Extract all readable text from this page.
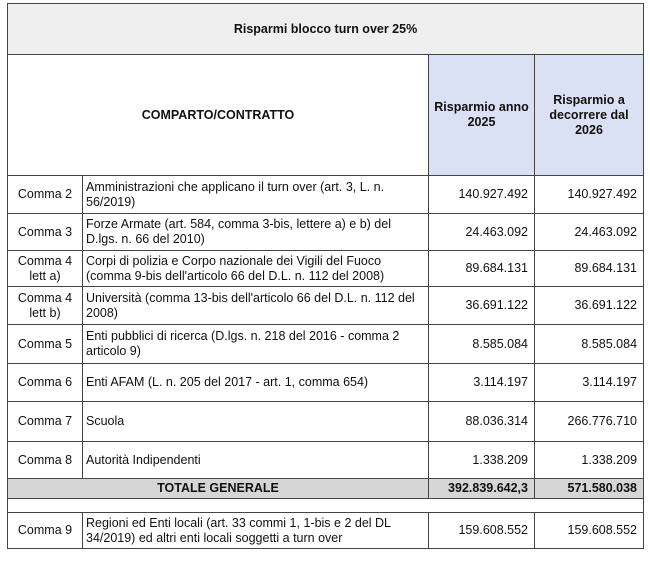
Risparmi blocco turn over 25%			
COMPARTO/CONTRATTO		Risparmio anno 2025	Risparmio a decorrere dal 2026
Comma 2	Amministrazioni che applicano il turn over (art. 3, L. n. 56/2019)	140.927.492	140.927.492
Comma 3	Forze Armate (art. 584, comma 3-bis, lettere a) e b) del D.lgs. n. 66 del 2010)	24.463.092	24.463.092
Comma 4 lett a)	Corpi di polizia e Corpo nazionale dei Vigili del Fuoco (comma 9-bis dell'articolo 66 del D.L. n. 112 del 2008)	89.684.131	89.684.131
Comma 4 lett b)	Università (comma 13-bis dell'articolo 66 del D.L. n. 112 del 2008)	36.691.122	36.691.122
Comma 5	Enti pubblici di ricerca (D.lgs. n. 218 del 2016 - comma 2 articolo 9)	8.585.084	8.585.084
Comma 6	Enti AFAM (L. n. 205 del 2017 - art. 1, comma 654)	3.114.197	3.114.197
Comma 7	Scuola	88.036.314	266.776.710
Comma 8	Autorità Indipendenti	1.338.209	1.338.209
TOTALE GENERALE		392.839.642,3	571.580.038

Comma 9	Regioni ed Enti locali (art. 33 commi 1, 1-bis e 2 del DL 34/2019) ed altri enti locali soggetti a turn over	159.608.552	159.608.552
